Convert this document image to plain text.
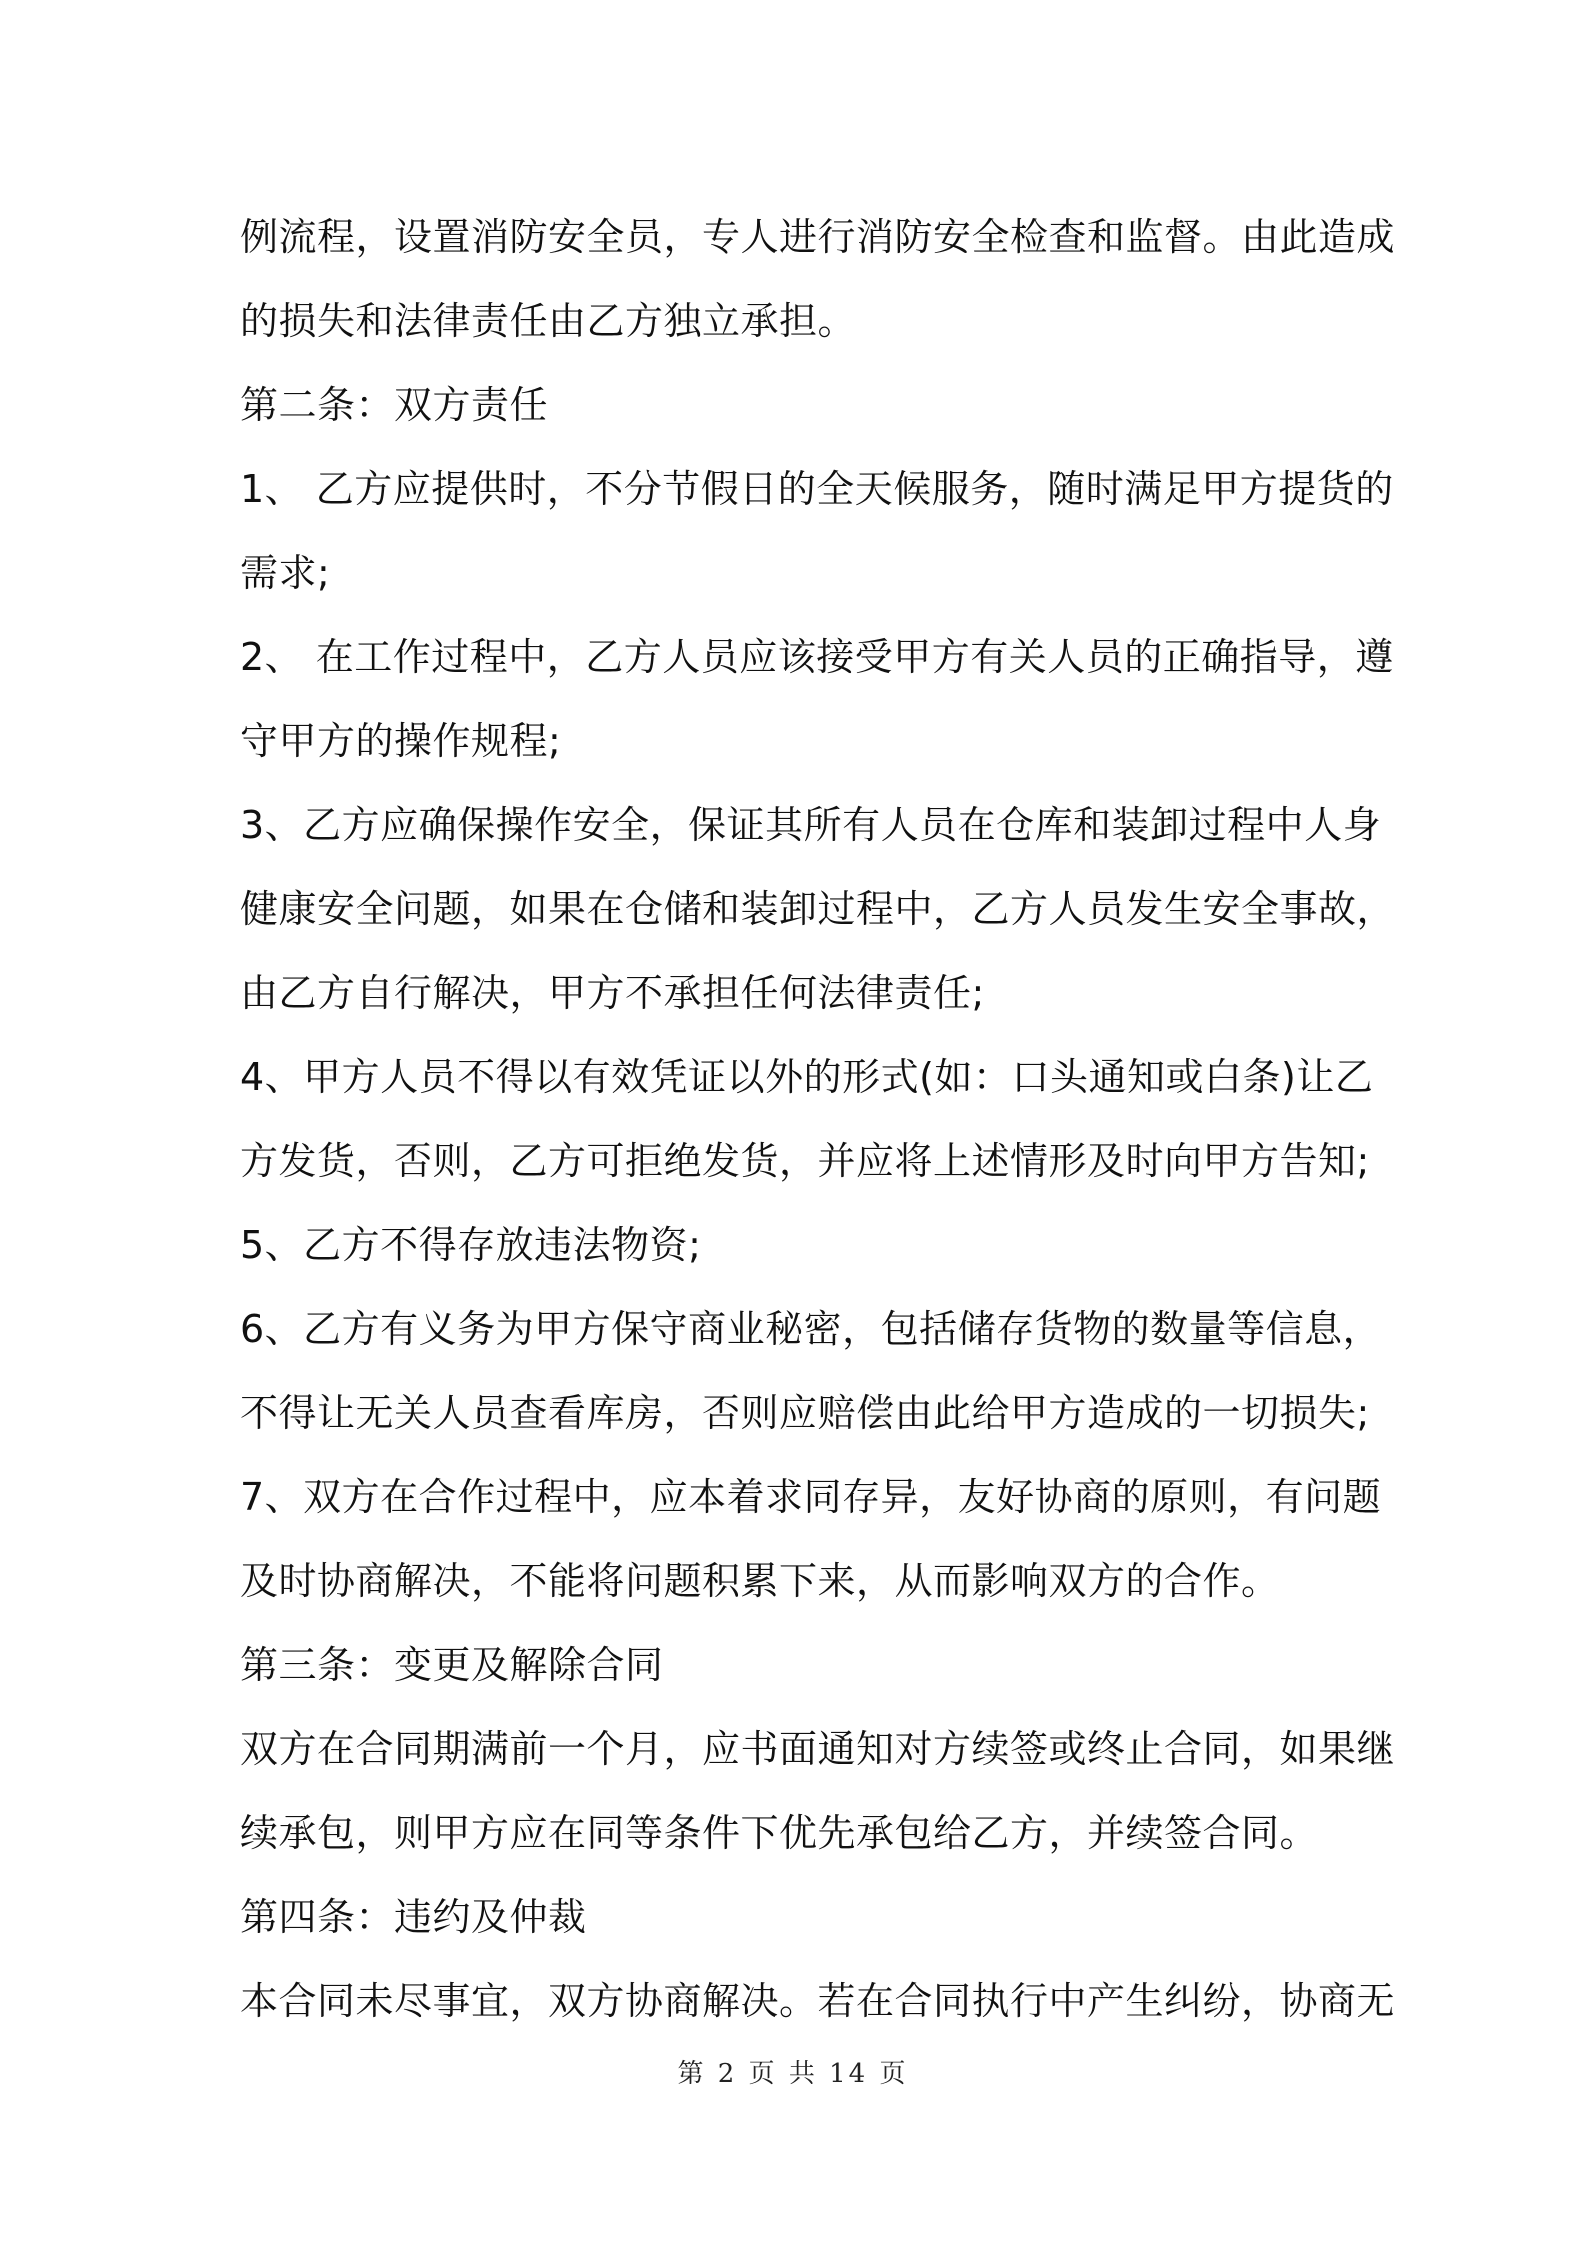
例流程，设置消防安全员，专人进行消防安全检查和监督。由此造成
的损失和法律责任由乙方独立承担。
第二条：双方责任
1、 乙方应提供时，不分节假日的全天候服务，随时满足甲方提货的
需求;
2、 在工作过程中，乙方人员应该接受甲方有关人员的正确指导，遵
守甲方的操作规程;
3、乙方应确保操作安全，保证其所有人员在仓库和装卸过程中人身
健康安全问题，如果在仓储和装卸过程中，乙方人员发生安全事故，
由乙方自行解决，甲方不承担任何法律责任;
4、甲方人员不得以有效凭证以外的形式(如：口头通知或白条)让乙
方发货，否则，乙方可拒绝发货，并应将上述情形及时向甲方告知;
5、乙方不得存放违法物资;
6、乙方有义务为甲方保守商业秘密，包括储存货物的数量等信息，
不得让无关人员查看库房，否则应赔偿由此给甲方造成的一切损失;
7、双方在合作过程中，应本着求同存异，友好协商的原则，有问题
及时协商解决，不能将问题积累下来，从而影响双方的合作。
第三条：变更及解除合同
双方在合同期满前一个月，应书面通知对方续签或终止合同，如果继
续承包，则甲方应在同等条件下优先承包给乙方，并续签合同。
第四条：违约及仲裁
本合同未尽事宜，双方协商解决。若在合同执行中产生纠纷，协商无
第 2 页 共 14 页
